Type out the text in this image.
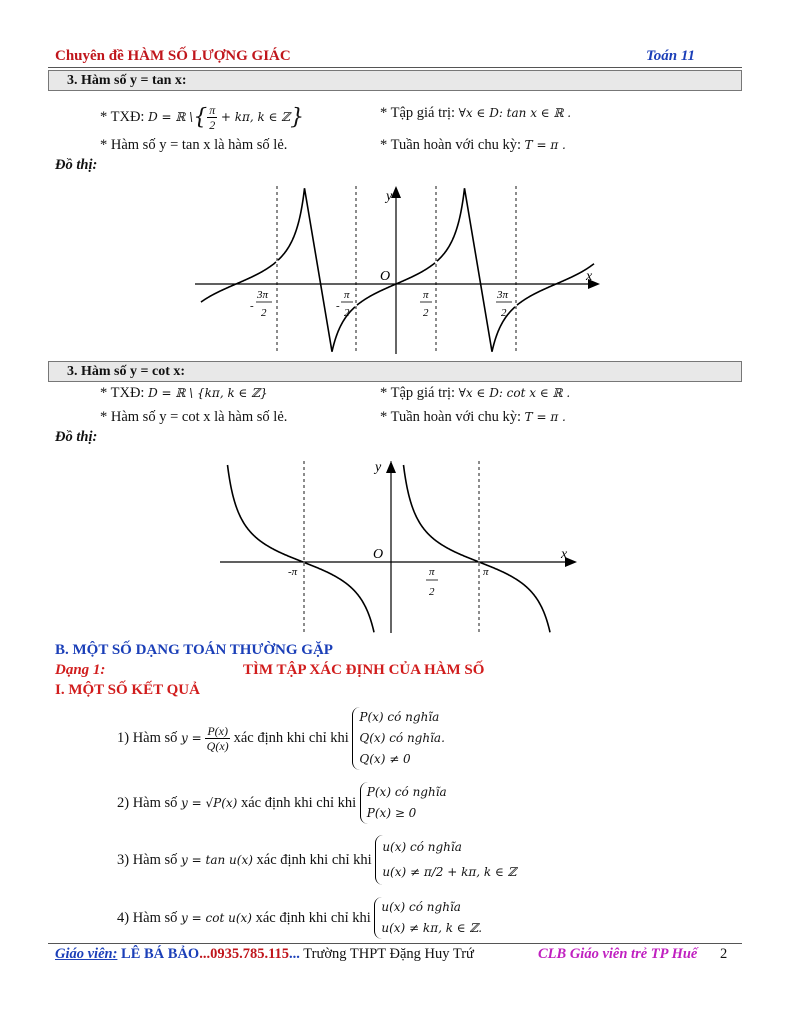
Chuyên đề HÀM SỐ LƯỢNG GIÁC	Toán 11
3. Hàm số y = tan x:
* TXĐ: D = ℝ \{ $\frac{\pi}{2} + k\pi$, k ∈ ℤ}	* Tập giá trị: ∀x ∈ D: tan x ∈ ℝ .
* Hàm số y = tan x là hàm số lẻ.	* Tuần hoàn với chu kỳ: T = π .
Đồ thị:
y
x
O
-
3π
2
-
π
2
π
2
3π
2
3. Hàm số y = cot x:
* TXĐ: D = ℝ \ {kπ, k ∈ ℤ}	* Tập giá trị: ∀x ∈ D: cot x ∈ ℝ .
* Hàm số y = cot x là hàm số lẻ.	* Tuần hoàn với chu kỳ: T = π .
Đồ thị:
y
x
O
-π	π
2
π
B. MỘT SỐ DẠNG TOÁN THƯỜNG GẶP
Dạng 1:	TÌM TẬP XÁC ĐỊNH CỦA HÀM SỐ
I. MỘT SỐ KẾT QUẢ
1) Hàm số
y =
$\frac{P(x)}{Q(x)}$
xác định khi chỉ khi

P(x) có nghĩa
Q(x) có nghĩa.
Q(x) ≠ 0
2) Hàm số
y = √P(x)
xác định khi chỉ khi

P(x) có nghĩa
P(x) ≥ 0
3) Hàm số
y = tan u(x)
xác định khi chỉ khi

u(x) có nghĩa
u(x) ≠ π/2 + kπ, k ∈ ℤ
4) Hàm số
y = cot u(x)
xác định khi chỉ khi

u(x) có nghĩa
u(x) ≠ kπ, k ∈ ℤ.
Giáo viên: LÊ BÁ BẢO...0935.785.115... Trường THPT Đặng Huy Trứ	CLB Giáo viên trẻ TP Huế 2
